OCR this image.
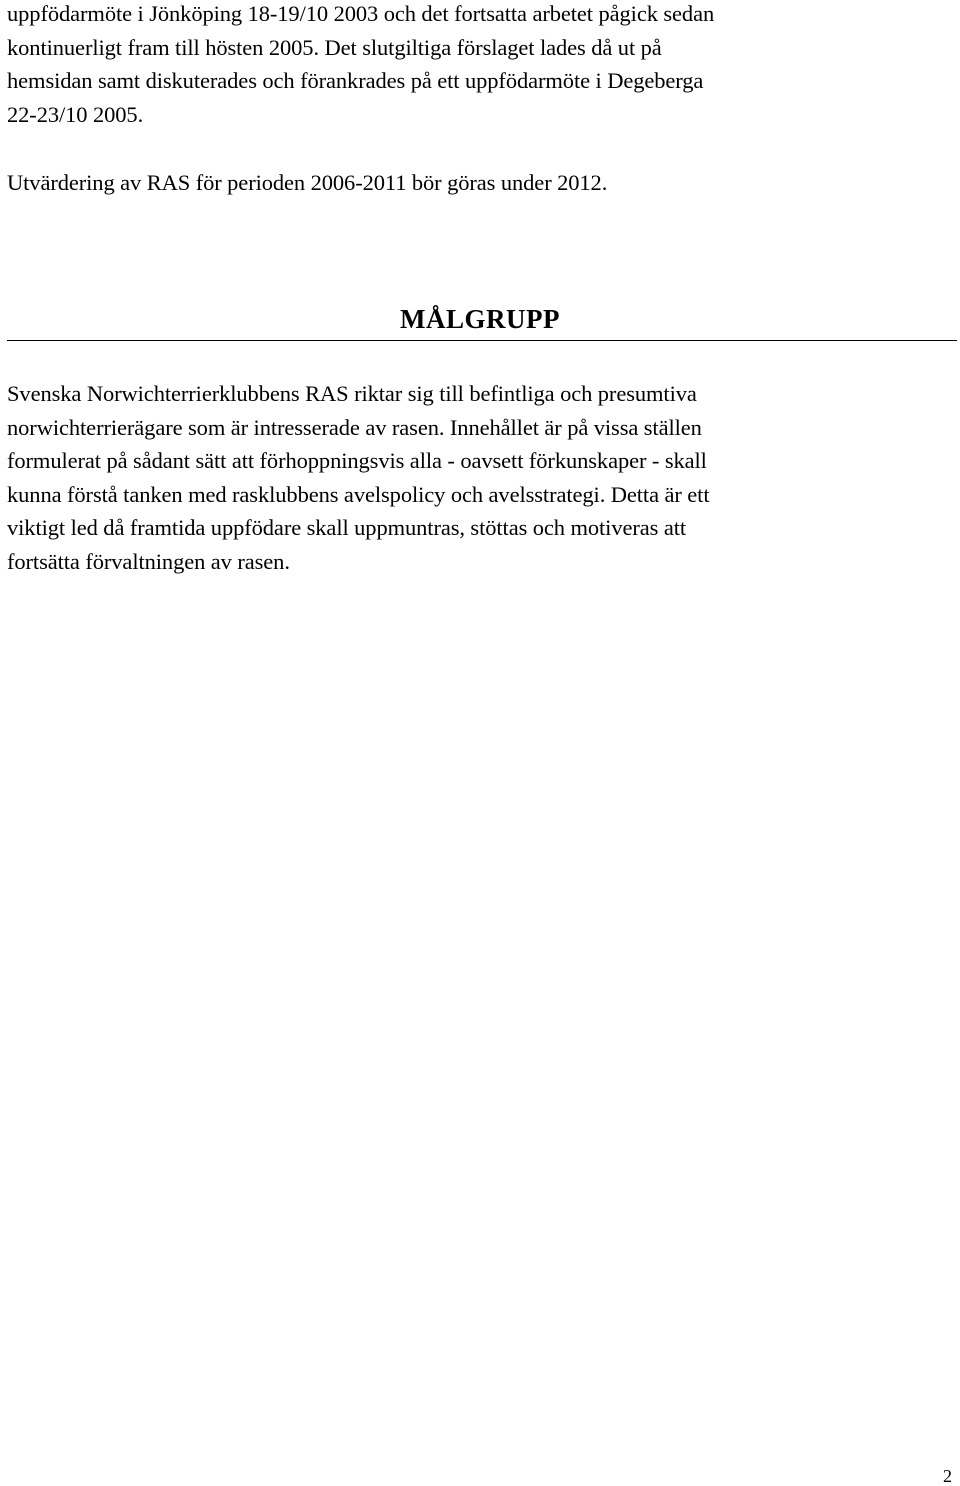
uppfödarmöte i Jönköping 18-19/10 2003 och det fortsatta arbetet pågick sedan
kontinuerligt fram till hösten 2005. Det slutgiltiga förslaget lades då ut på
hemsidan samt diskuterades och förankrades på ett uppfödarmöte i Degeberga
22-23/10 2005.

Utvärdering av RAS för perioden 2006-2011 bör göras under 2012.

MÅLGRUPP

Svenska Norwichterrierklubbens RAS riktar sig till befintliga och presumtiva
norwichterrierägare som är intresserade av rasen. Innehållet är på vissa ställen
formulerat på sådant sätt att förhoppningsvis alla - oavsett förkunskaper - skall
kunna förstå tanken med rasklubbens avelspolicy och avelsstrategi. Detta är ett
viktigt led då framtida uppfödare skall uppmuntras, stöttas och motiveras att
fortsätta förvaltningen av rasen.

2
